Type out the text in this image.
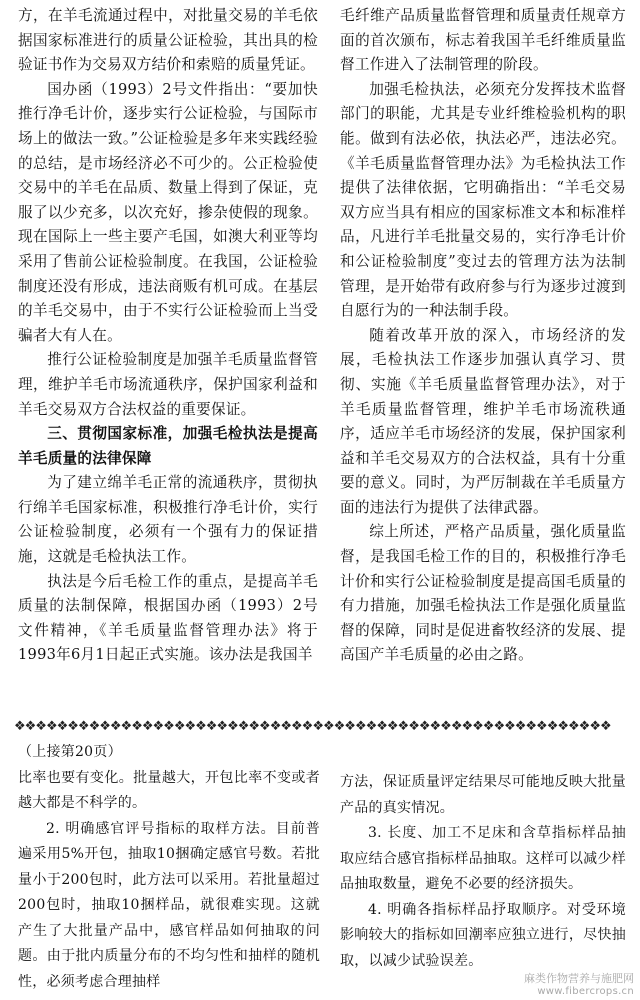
方，在羊毛流通过程中，对批量交易的羊毛依据国家标准进行的质量公证检验，其出具的检验证书作为交易双方结价和索赔的质量凭证。

国办函（1993）2号文件指出：“要加快推行净毛计价，逐步实行公证检验，与国际市场上的做法一致。”公证检验是多年来实践经验的总结，是市场经济必不可少的。公正检验使交易中的羊毛在品质、数量上得到了保证，克服了以少充多，以次充好，掺杂使假的现象。现在国际上一些主要产毛国，如澳大利亚等均采用了售前公证检验制度。在我国，公证检验制度还没有形成，违法商贩有机可成。在基层的羊毛交易中，由于不实行公证检验而上当受骗者大有人在。

推行公证检验制度是加强羊毛质量监督管理，维护羊毛市场流通秩序，保护国家利益和羊毛交易双方合法权益的重要保证。

三、贯彻国家标准，加强毛检执法是提高羊毛质量的法律保障

为了建立绵羊毛正常的流通秩序，贯彻执行绵羊毛国家标准，积极推行净毛计价，实行公证检验制度，必须有一个强有力的保证措施，这就是毛检执法工作。

执法是今后毛检工作的重点，是提高羊毛质量的法制保障，根据国办函（1993）2号文件精神，《羊毛质量监督管理办法》将于1993年6月1日起正式实施。该办法是我国羊

毛纤维产品质量监督管理和质量责任规章方面的首次颁布，标志着我国羊毛纤维质量监督工作进入了法制管理的阶段。

加强毛检执法，必须充分发挥技术监督部门的职能，尤其是专业纤维检验机构的职能。做到有法必依，执法必严，违法必究。《羊毛质量监督管理办法》为毛检执法工作提供了法律依据，它明确指出：“羊毛交易双方应当具有相应的国家标准文本和标准样品，凡进行羊毛批量交易的，实行净毛计价和公证检验制度”变过去的管理方法为法制管理，是开始带有政府参与行为逐步过渡到自愿行为的一种法制手段。

随着改革开放的深入，市场经济的发展，毛检执法工作逐步加强认真学习、贯彻、实施《羊毛质量监督管理办法》，对于羊毛质量监督管理，维护羊毛市场流秩通序，适应羊毛市场经济的发展，保护国家利益和羊毛交易双方的合法权益，具有十分重要的意义。同时，为严厉制裁在羊毛质量方面的违法行为提供了法律武器。

综上所述，严格产品质量，强化质量监督，是我国毛检工作的目的，积极推行净毛计价和实行公证检验制度是提高国毛质量的有力措施，加强毛检执法工作是强化质量监督的保障，同时是促进畜牧经济的发展、提高国产羊毛质量的必由之路。

❖❖❖❖❖❖❖❖❖❖❖❖❖❖❖❖❖❖❖❖❖❖❖❖❖❖❖❖❖❖❖❖❖❖❖❖❖❖❖❖❖❖❖❖❖❖❖❖❖❖❖❖❖❖❖❖
（上接第20页）

比率也要有变化。批量越大，开包比率不变或者越大都是不科学的。

2. 明确感官评号指标的取样方法。目前普遍采用5%开包，抽取10捆确定感官号数。若批量小于200包时，此方法可以采用。若批量超过200包时，抽取10捆样品，就很难实现。这就产生了大批量产品中，感官样品如何抽取的问题。由于批内质量分布的不均匀性和抽样的随机性，必须考虑合理抽样

方法，保证质量评定结果尽可能地反映大批量产品的真实情况。

3. 长度、加工不足床和含草指标样品抽取应结合感官指标样品抽取。这样可以减少样品抽取数量，避免不必要的经济损失。

4. 明确各指标样品抒取顺序。对受环境影响较大的指标如回潮率应独立进行，尽快抽取，以减少试验误差。

麻类作物营养与施肥网
www.fibercrops.cn
